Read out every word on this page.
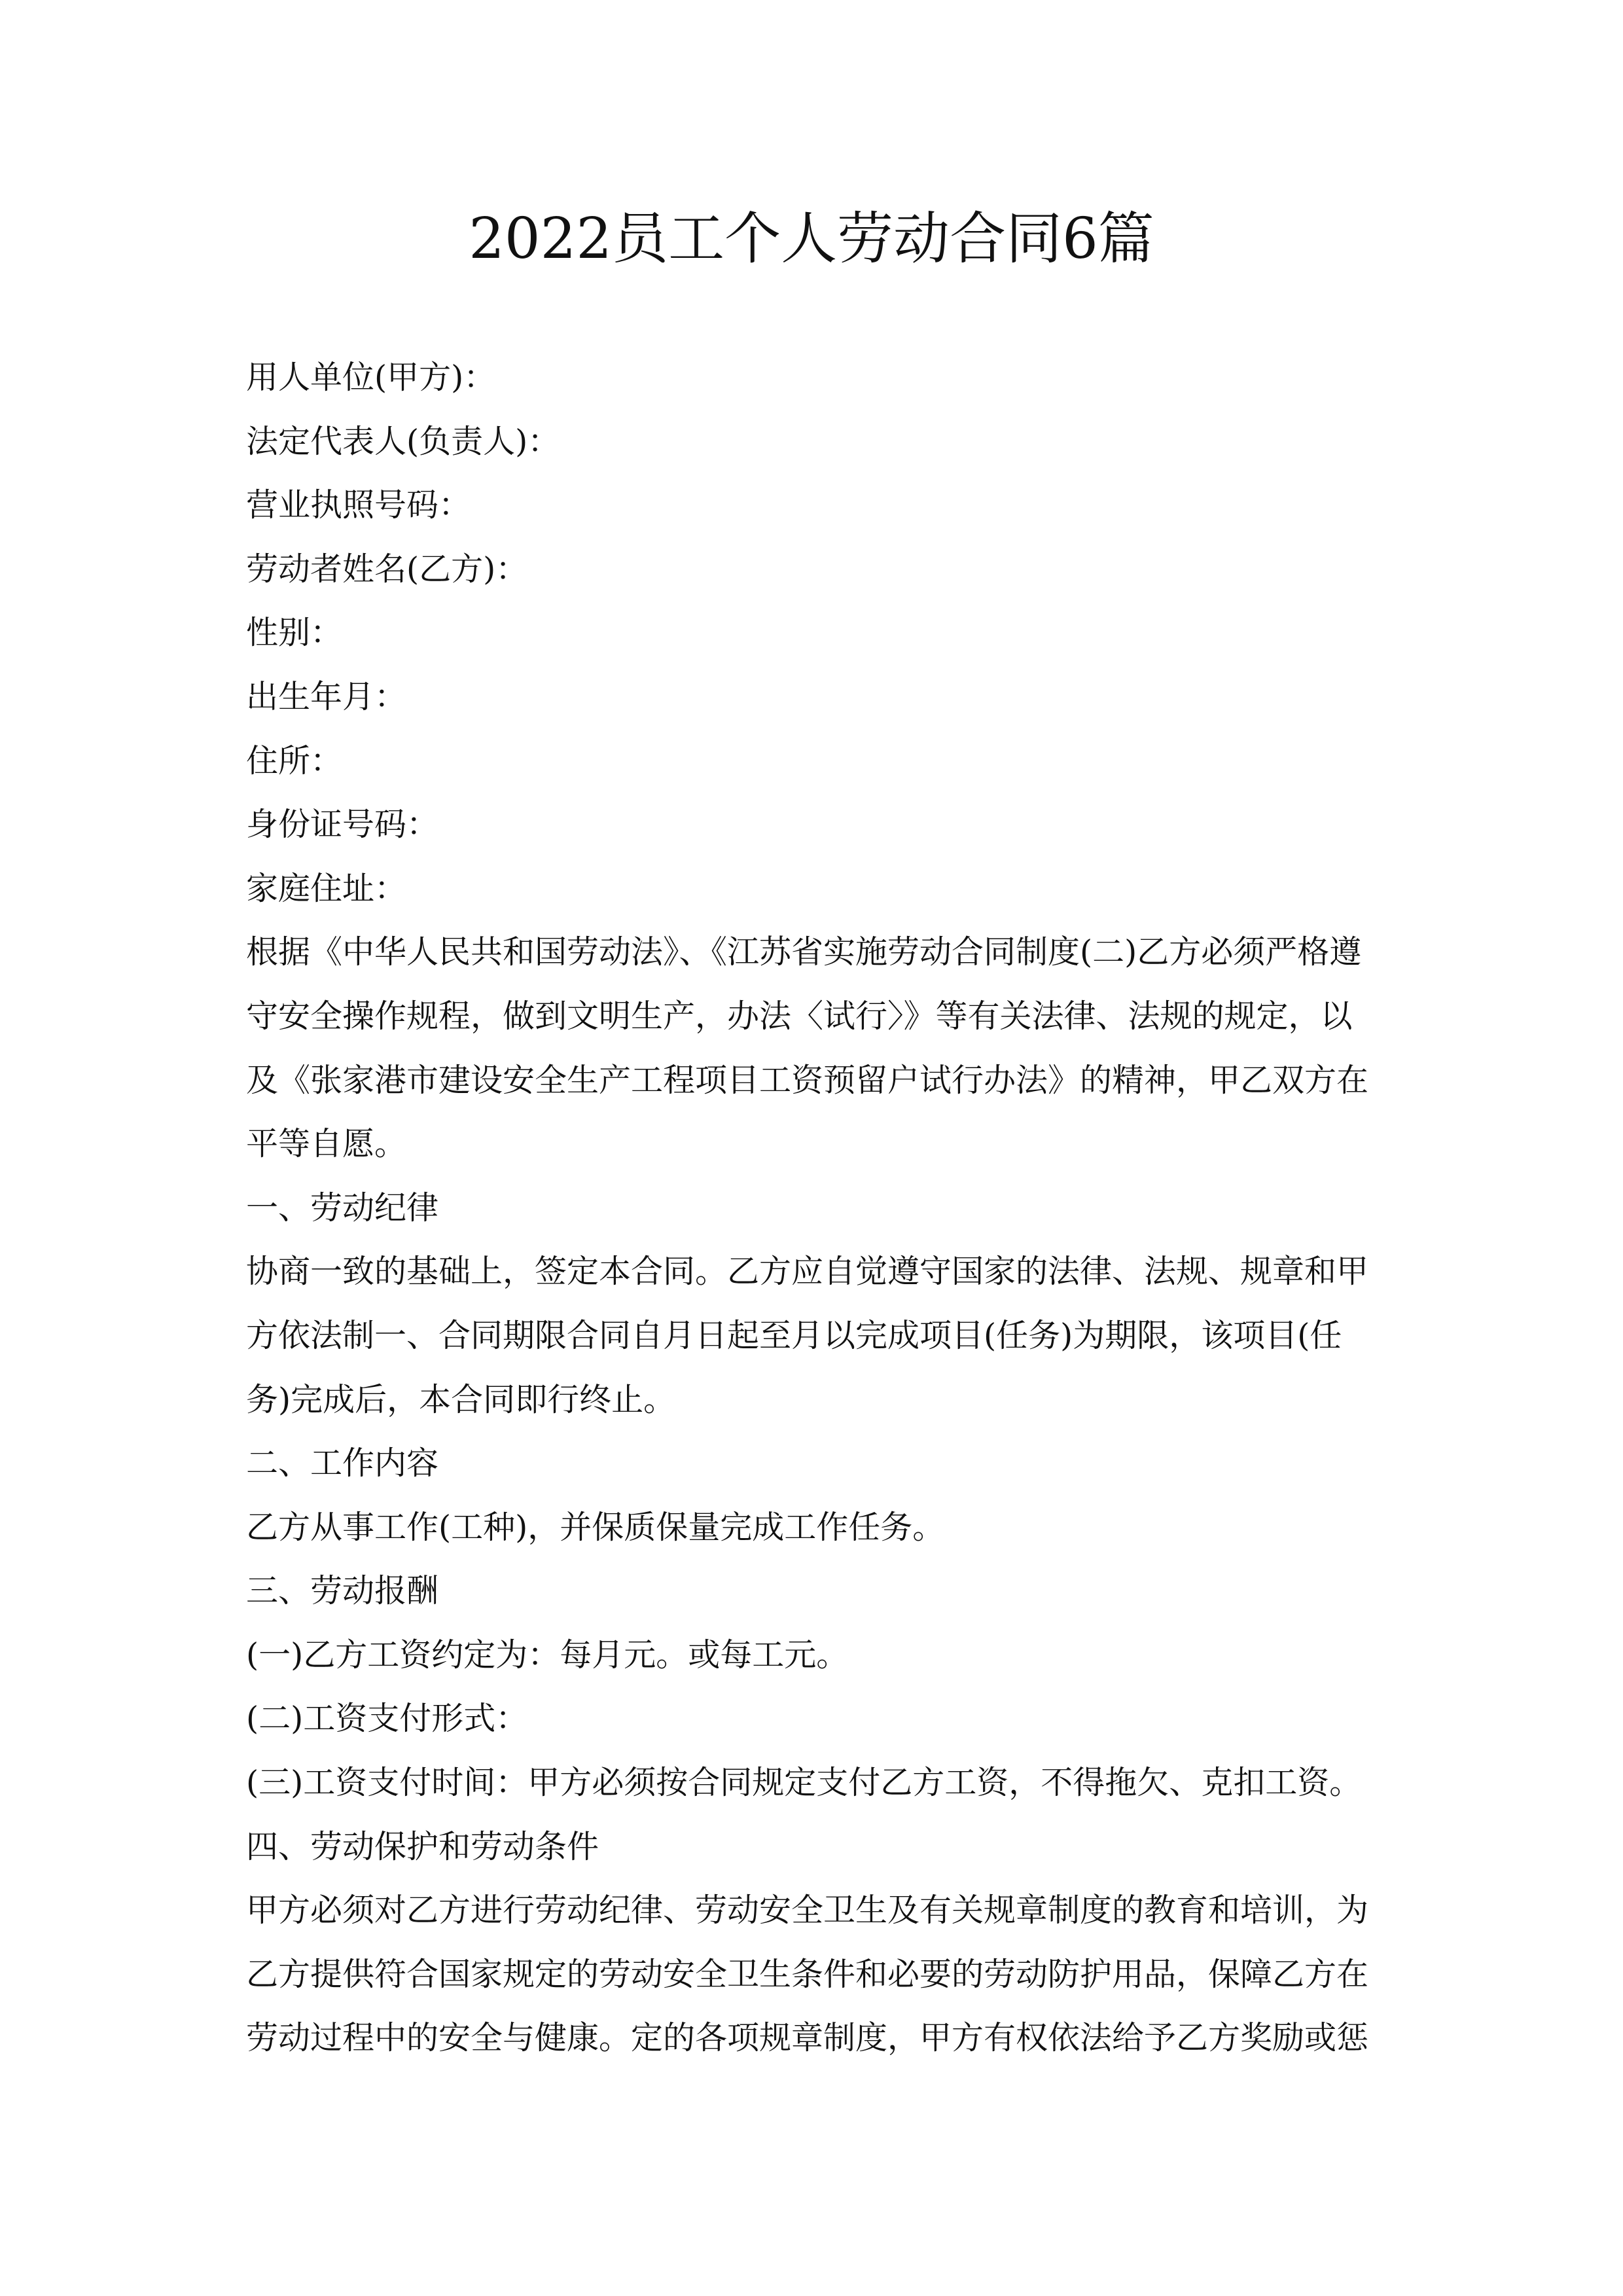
2022员工个人劳动合同6篇
用人单位(甲方)：
法定代表人(负责人)：
营业执照号码：
劳动者姓名(乙方)：
性别：
出生年月：
住所：
身份证号码：
家庭住址：
根据《中华人民共和国劳动法》、《江苏省实施劳动合同制度(二)乙方必须严格遵
守安全操作规程，做到文明生产，办法〈试行〉》等有关法律、法规的规定，以
及《张家港市建设安全生产工程项目工资预留户试行办法》的精神，甲乙双方在
平等自愿。
一、劳动纪律
协商一致的基础上，签定本合同。乙方应自觉遵守国家的法律、法规、规章和甲
方依法制一、合同期限合同自月日起至月以完成项目(任务)为期限，该项目(任
务)完成后，本合同即行终止。
二、工作内容
乙方从事工作(工种)，并保质保量完成工作任务。
三、劳动报酬
(一)乙方工资约定为：每月元。或每工元。
(二)工资支付形式：
(三)工资支付时间：甲方必须按合同规定支付乙方工资，不得拖欠、克扣工资。
四、劳动保护和劳动条件
甲方必须对乙方进行劳动纪律、劳动安全卫生及有关规章制度的教育和培训，为
乙方提供符合国家规定的劳动安全卫生条件和必要的劳动防护用品，保障乙方在
劳动过程中的安全与健康。定的各项规章制度，甲方有权依法给予乙方奖励或惩
